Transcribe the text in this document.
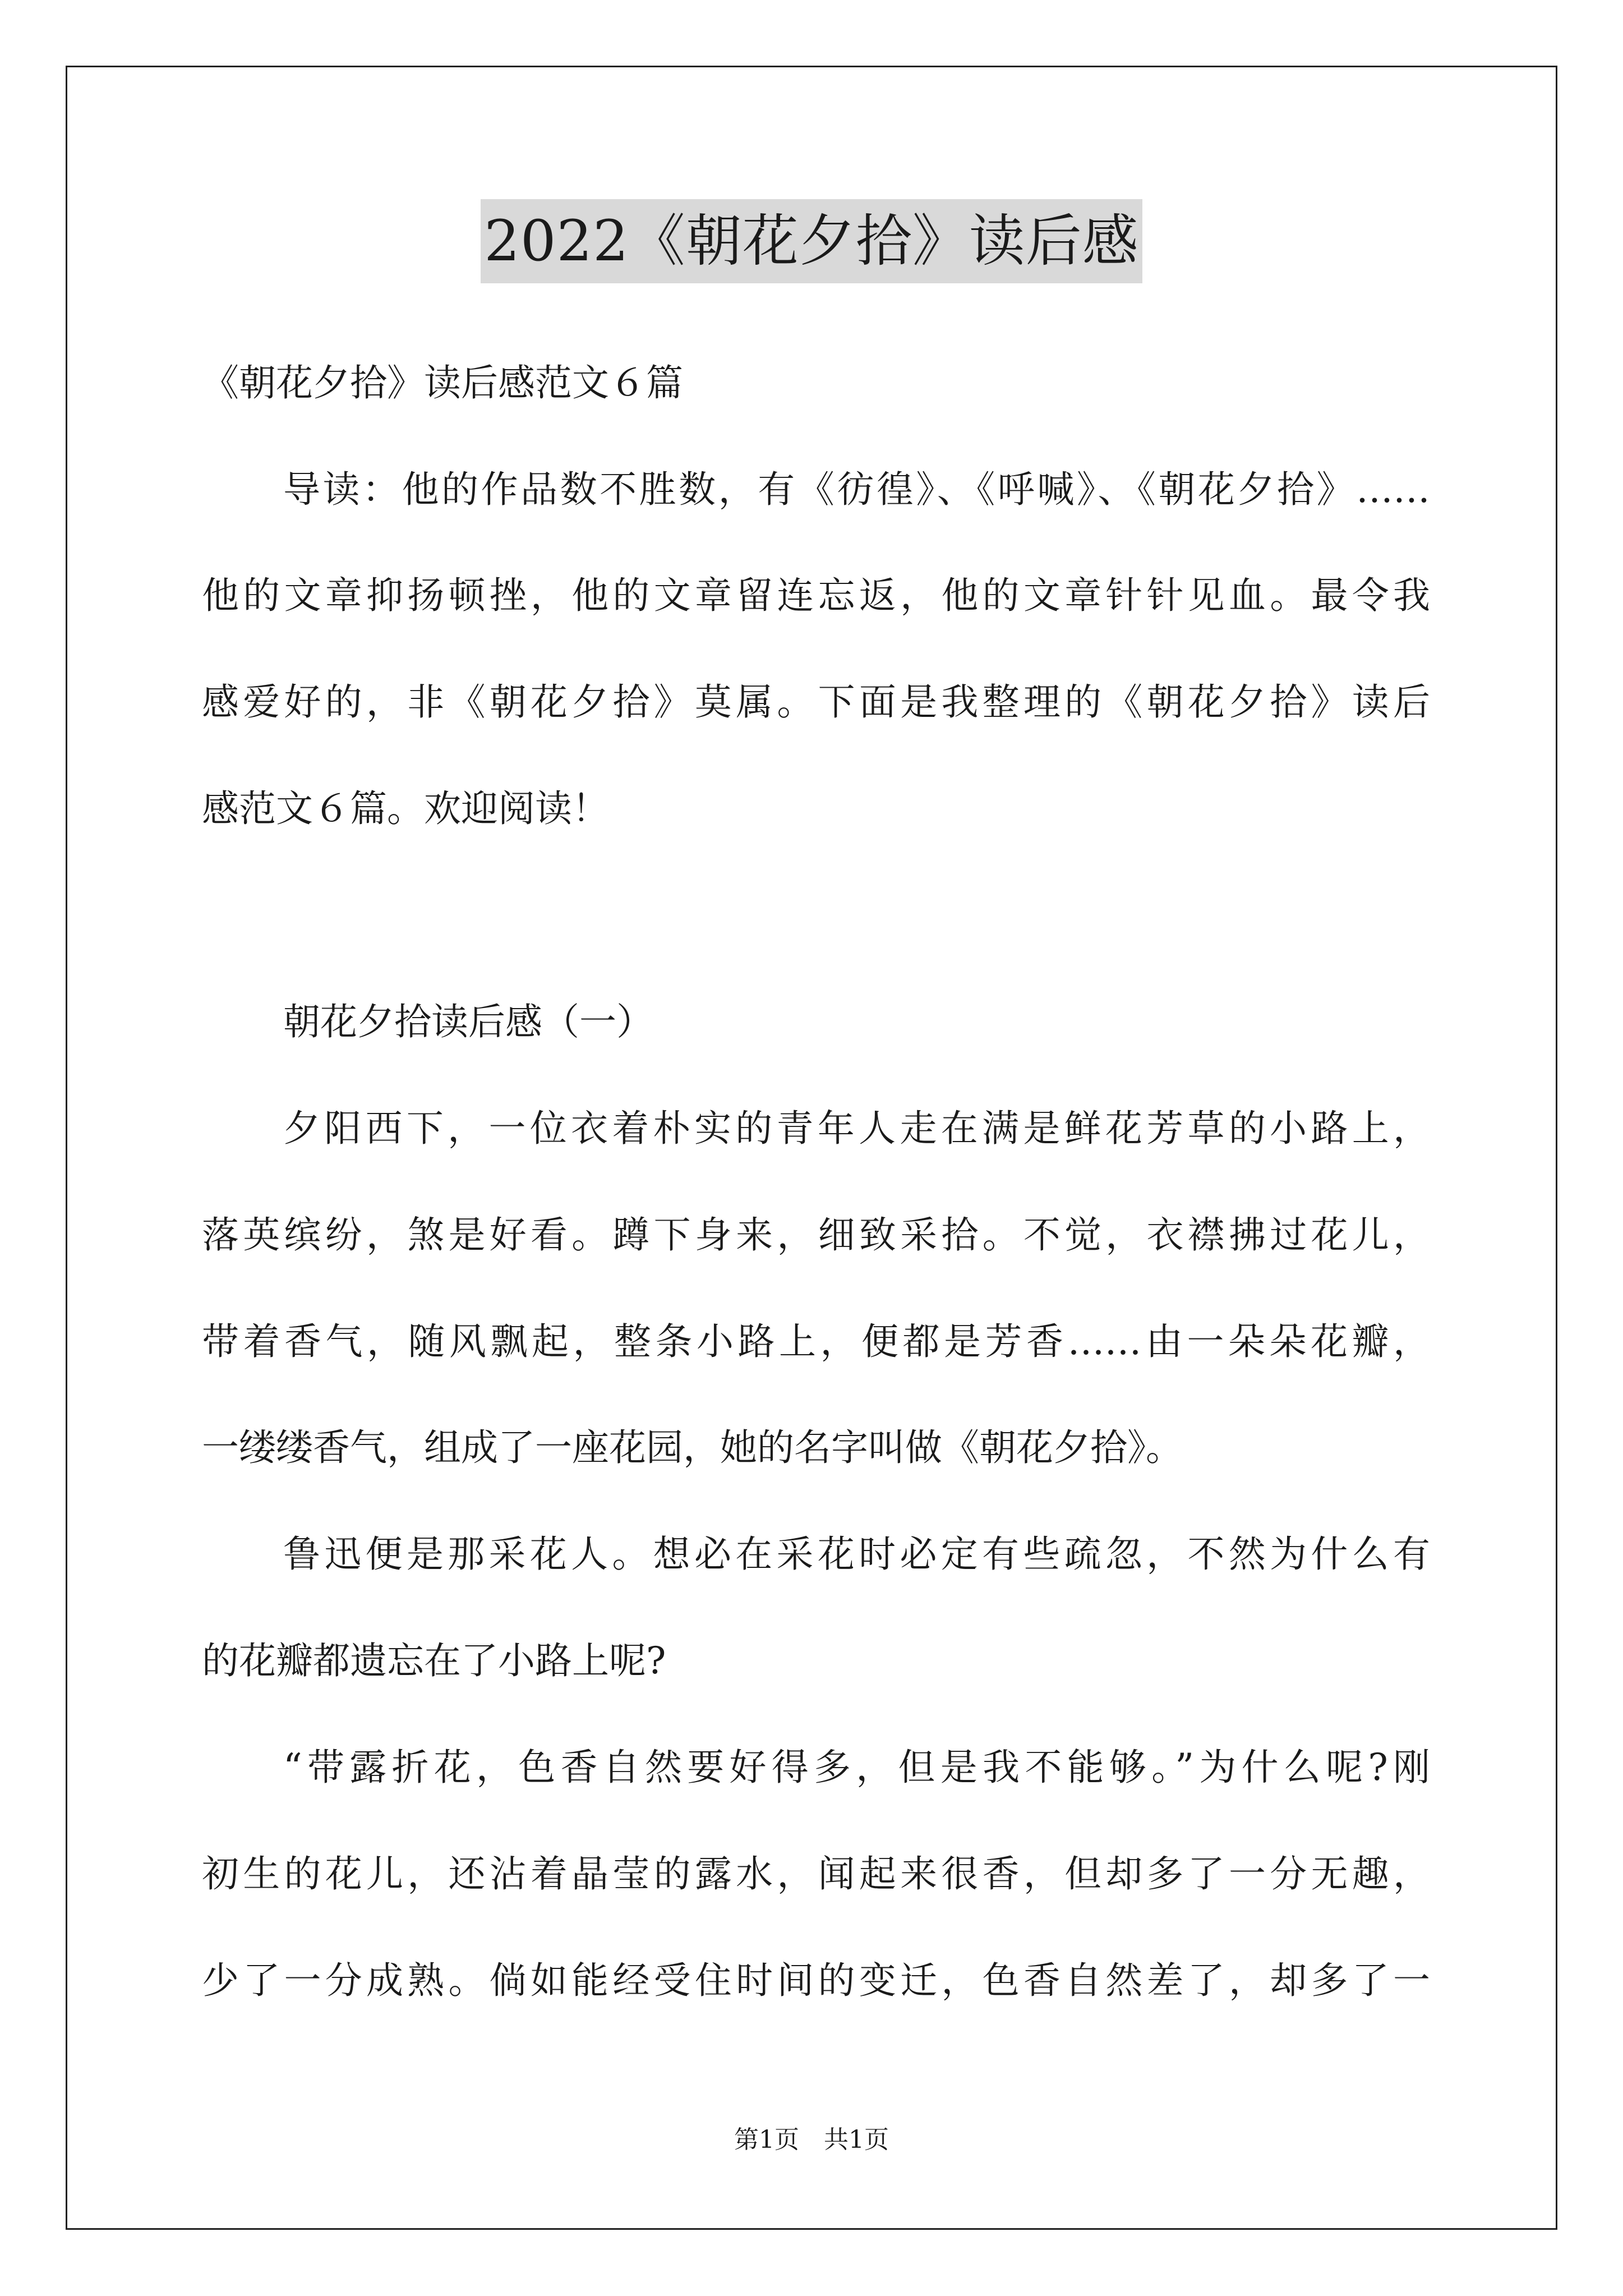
2022《朝花夕拾》读后感
《朝花夕拾》读后感范文６篇
导读：他的作品数不胜数，有《彷徨》、《呼喊》、《朝花夕拾》……
他的文章抑扬顿挫，他的文章留连忘返，他的文章针针见血。最令我
感爱好的，非《朝花夕拾》莫属。下面是我整理的《朝花夕拾》读后
感范文６篇。欢迎阅读！
朝花夕拾读后感（一）
夕阳西下，一位衣着朴实的青年人走在满是鲜花芳草的小路上，
落英缤纷，煞是好看。蹲下身来，细致采拾。不觉，衣襟拂过花儿，
带着香气，随风飘起，整条小路上，便都是芳香……由一朵朵花瓣，
一缕缕香气，组成了一座花园，她的名字叫做《朝花夕拾》。
鲁迅便是那采花人。想必在采花时必定有些疏忽，不然为什么有
的花瓣都遗忘在了小路上呢?
“带露折花，色香自然要好得多，但是我不能够。”为什么呢?刚
初生的花儿，还沾着晶莹的露水，闻起来很香，但却多了一分无趣，
少了一分成熟。倘如能经受住时间的变迁，色香自然差了，却多了一
第1页　共1页
